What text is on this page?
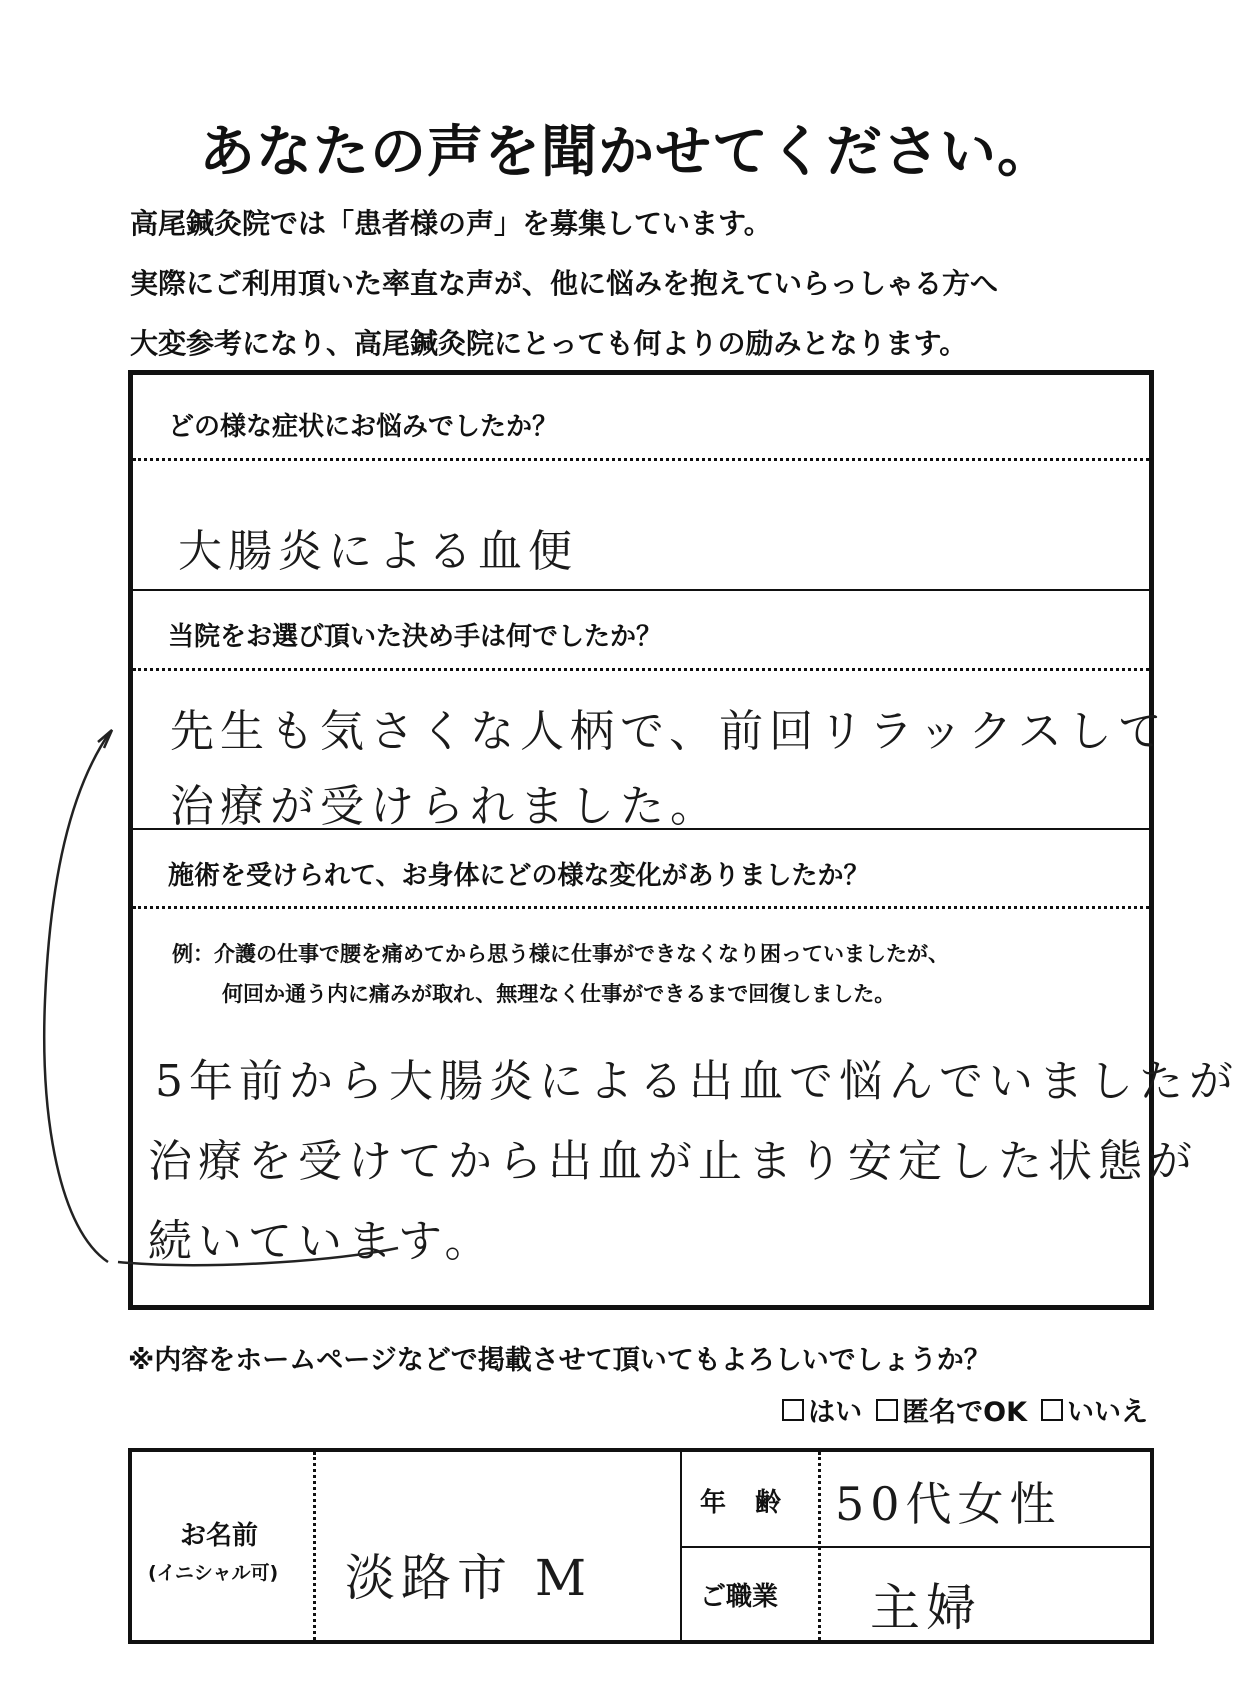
あなたの声を聞かせてください。
高尾鍼灸院では「患者様の声」を募集しています。
実際にご利用頂いた率直な声が、他に悩みを抱えていらっしゃる方へ
大変参考になり、高尾鍼灸院にとっても何よりの励みとなります。
どの様な症状にお悩みでしたか？
大腸炎による血便
当院をお選び頂いた決め手は何でしたか？
先生も気さくな人柄で、前回リラックスして
治療が受けられました。
施術を受けられて、お身体にどの様な変化がありましたか？
例：介護の仕事で腰を痛めてから思う様に仕事ができなくなり困っていましたが、
何回か通う内に痛みが取れ、無理なく仕事ができるまで回復しました。
5年前から大腸炎による出血で悩んでいましたが
治療を受けてから出血が止まり安定した状態が
続いています。
※内容をホームページなどで掲載させて頂いてもよろしいでしょうか？
はい 匿名でOK いいえ
お名前
(イニシャル可) 淡路市 M
年 齢 50代女性
ご職業 主婦
